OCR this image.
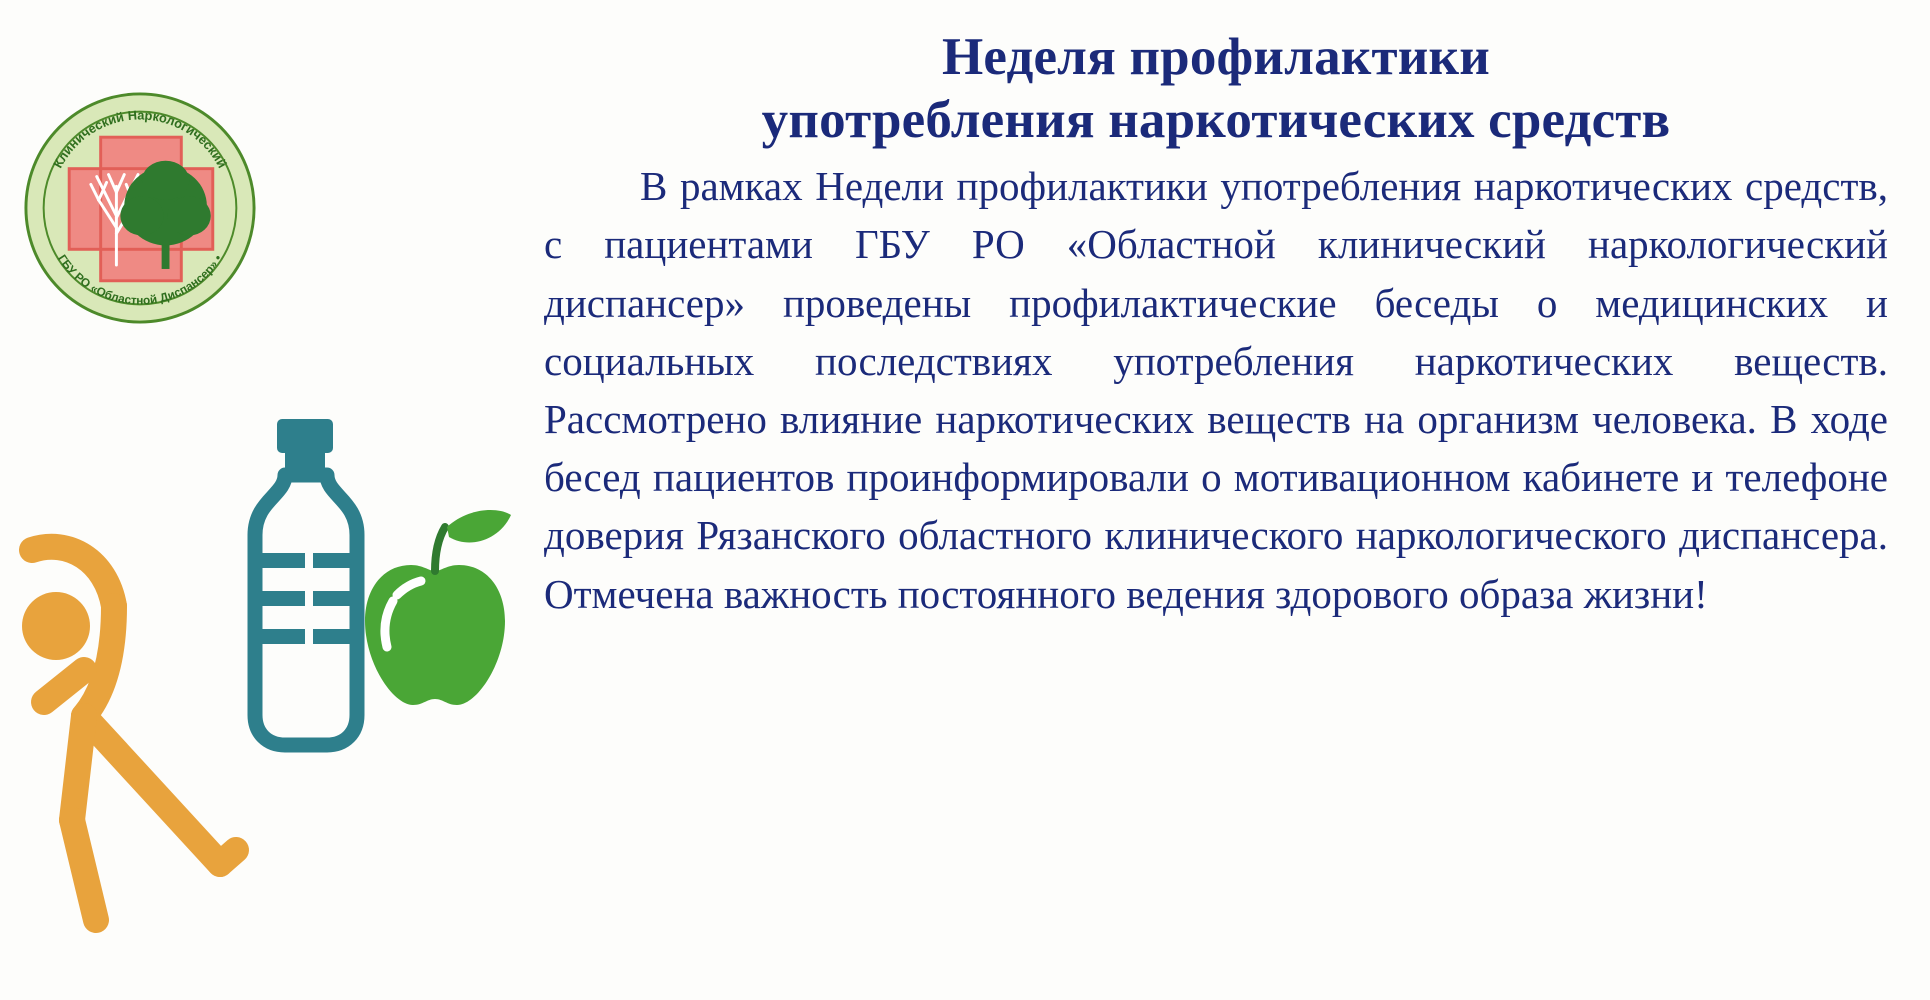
Клинический Наркологический
ГБУ РО «Областной Диспансер» •
Неделя профилактики
употребления наркотических средств

В рамках Недели профилактики употребления наркотических средств, с пациентами ГБУ РО «Областной клинический наркологический диспансер» проведены профилактические беседы о медицинских и социальных последствиях употребления наркотических веществ. Рассмотрено влияние наркотических веществ на организм человека. В ходе бесед пациентов проинформировали о мотивационном кабинете и телефоне доверия Рязанского областного клинического наркологического диспансера. Отмечена важность постоянного ведения здорового образа жизни!
